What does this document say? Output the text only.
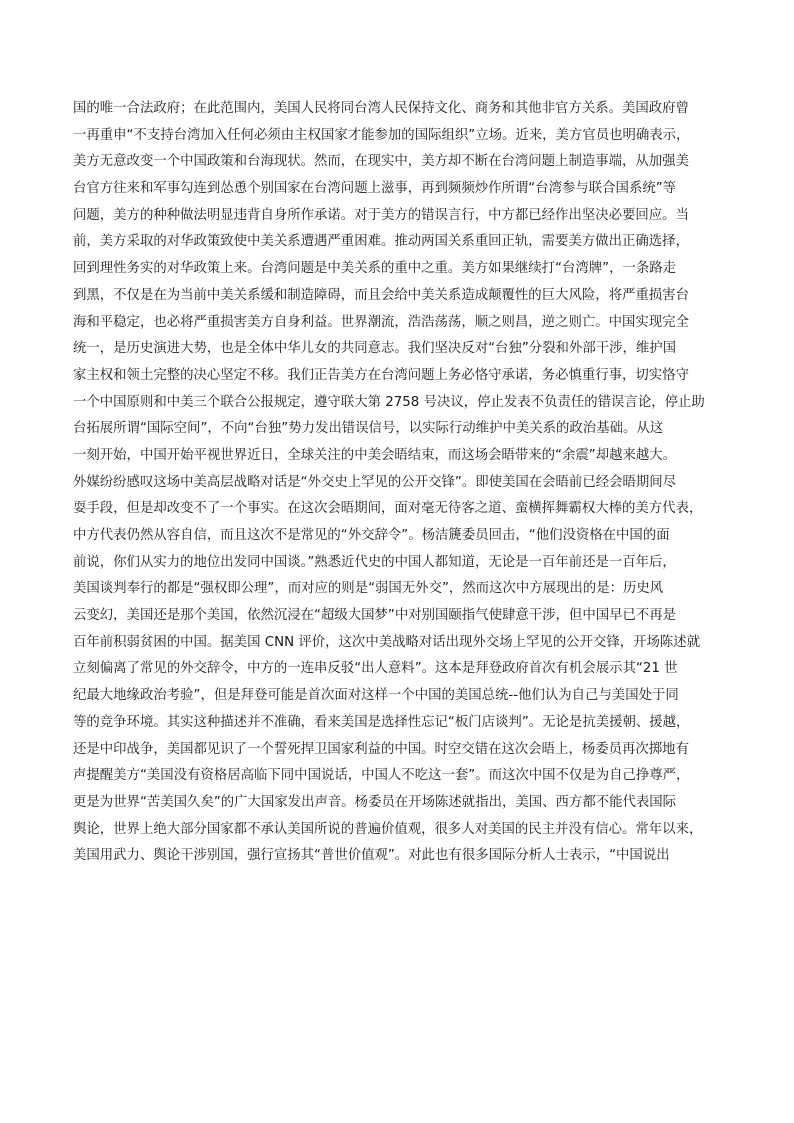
国的唯一合法政府；在此范围内，美国人民将同台湾人民保持文化、商务和其他非官方关系。美国政府曾
一再重申“不支持台湾加入任何必须由主权国家才能参加的国际组织”立场。近来，美方官员也明确表示，
美方无意改变一个中国政策和台海现状。然而，在现实中，美方却不断在台湾问题上制造事端，从加强美
台官方往来和军事勾连到怂恿个别国家在台湾问题上滋事，再到频频炒作所谓“台湾参与联合国系统”等
问题，美方的种种做法明显违背自身所作承诺。对于美方的错误言行，中方都已经作出坚决必要回应。当
前，美方采取的对华政策致使中美关系遭遇严重困难。推动两国关系重回正轨，需要美方做出正确选择，
回到理性务实的对华政策上来。台湾问题是中美关系的重中之重。美方如果继续打“台湾牌”，一条路走
到黑，不仅是在为当前中美关系缓和制造障碍，而且会给中美关系造成颠覆性的巨大风险，将严重损害台
海和平稳定，也必将严重损害美方自身利益。世界潮流，浩浩荡荡，顺之则昌，逆之则亡。中国实现完全
统一，是历史演进大势，也是全体中华儿女的共同意志。我们坚决反对“台独”分裂和外部干涉，维护国
家主权和领土完整的决心坚定不移。我们正告美方在台湾问题上务必恪守承诺，务必慎重行事，切实恪守
一个中国原则和中美三个联合公报规定，遵守联大第 2758 号决议，停止发表不负责任的错误言论，停止助
台拓展所谓“国际空间”，不向“台独”势力发出错误信号，以实际行动维护中美关系的政治基础。从这
一刻开始，中国开始平视世界近日，全球关注的中美会晤结束，而这场会晤带来的“余震”却越来越大。
外媒纷纷感叹这场中美高层战略对话是“外交史上罕见的公开交锋”。即使美国在会晤前已经会晤期间尽
耍手段，但是却改变不了一个事实。在这次会晤期间，面对毫无待客之道、蛮横挥舞霸权大棒的美方代表，
中方代表仍然从容自信，而且这次不是常见的“外交辞令”。杨洁篪委员回击，“他们没资格在中国的面
前说，你们从实力的地位出发同中国谈。”熟悉近代史的中国人都知道，无论是一百年前还是一百年后，
美国谈判奉行的都是“强权即公理”，而对应的则是“弱国无外交”，然而这次中方展现出的是：历史风
云变幻，美国还是那个美国，依然沉浸在“超级大国梦”中对别国颐指气使肆意干涉，但中国早已不再是
百年前积弱贫困的中国。据美国 CNN 评价，这次中美战略对话出现外交场上罕见的公开交锋，开场陈述就
立刻偏离了常见的外交辞令，中方的一连串反驳“出人意料”。这本是拜登政府首次有机会展示其“21 世
纪最大地缘政治考验”，但是拜登可能是首次面对这样一个中国的美国总统--他们认为自己与美国处于同
等的竞争环境。其实这种描述并不准确，看来美国是选择性忘记“板门店谈判”。无论是抗美援朝、援越，
还是中印战争，美国都见识了一个誓死捍卫国家利益的中国。时空交错在这次会晤上，杨委员再次掷地有
声提醒美方“美国没有资格居高临下同中国说话，中国人不吃这一套”。而这次中国不仅是为自己挣尊严，
更是为世界“苦美国久矣”的广大国家发出声音。杨委员在开场陈述就指出，美国、西方都不能代表国际
舆论，世界上绝大部分国家都不承认美国所说的普遍价值观，很多人对美国的民主并没有信心。常年以来，
美国用武力、舆论干涉别国，强行宣扬其“普世价值观”。对此也有很多国际分析人士表示，“中国说出
